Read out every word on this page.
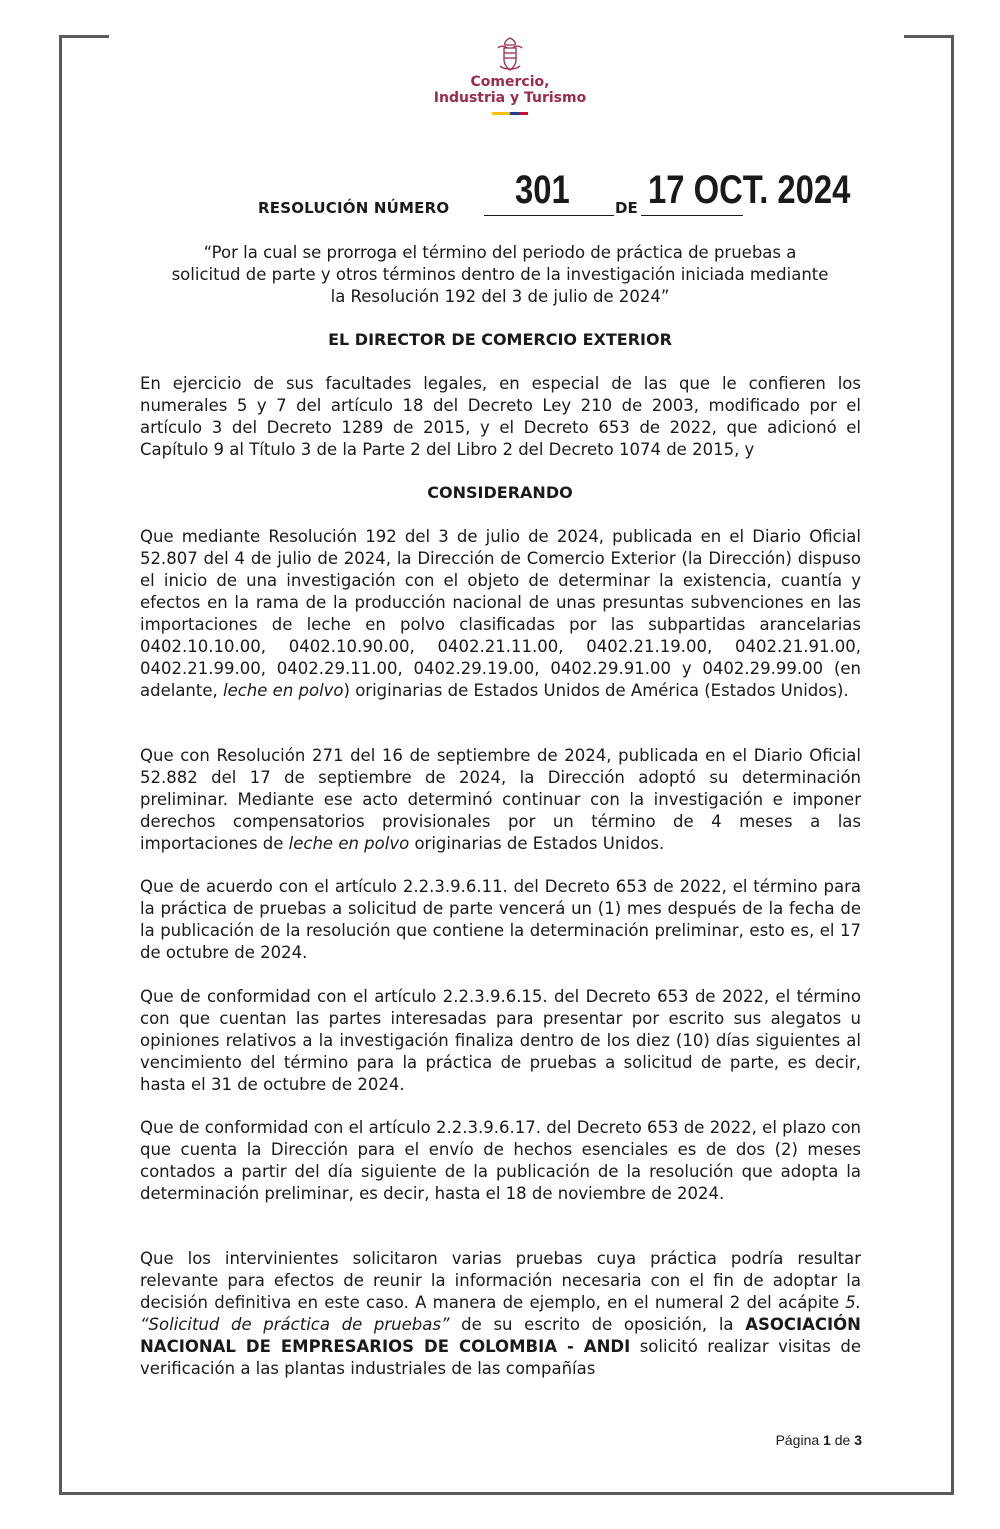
Comercio,
Industria y Turismo
RESOLUCIÓN NÚMERO 301	DE 17 OCT. 2024
“Por la cual se prorroga el término del periodo de práctica de pruebas a
solicitud de parte y otros términos dentro de la investigación iniciada mediante
la Resolución 192 del 3 de julio de 2024”
EL DIRECTOR DE COMERCIO EXTERIOR
En ejercicio de sus facultades legales, en especial de las que le confieren los numerales 5 y 7 del artículo 18 del Decreto Ley 210 de 2003, modificado por el artículo 3 del Decreto 1289 de 2015, y el Decreto 653 de 2022, que adicionó el Capítulo 9 al Título 3 de la Parte 2 del Libro 2 del Decreto 1074 de 2015, y
CONSIDERANDO
Que mediante Resolución 192 del 3 de julio de 2024, publicada en el Diario Oficial 52.807 del 4 de julio de 2024, la Dirección de Comercio Exterior (la Dirección) dispuso el inicio de una investigación con el objeto de determinar la existencia, cuantía y efectos en la rama de la producción nacional de unas presuntas subvenciones en las importaciones de leche en polvo clasificadas por las subpartidas arancelarias 0402.10.10.00, 0402.10.90.00, 0402.21.11.00, 0402.21.19.00, 0402.21.91.00, 0402.21.99.00, 0402.29.11.00, 0402.29.19.00, 0402.29.91.00 y 0402.29.99.00 (en adelante, leche en polvo) originarias de Estados Unidos de América (Estados Unidos).
Que con Resolución 271 del 16 de septiembre de 2024, publicada en el Diario Oficial 52.882 del 17 de septiembre de 2024, la Dirección adoptó su determinación preliminar. Mediante ese acto determinó continuar con la investigación e imponer derechos compensatorios provisionales por un término de 4 meses a las importaciones de leche en polvo originarias de Estados Unidos.
Que de acuerdo con el artículo 2.2.3.9.6.11. del Decreto 653 de 2022, el término para la práctica de pruebas a solicitud de parte vencerá un (1) mes después de la fecha de la publicación de la resolución que contiene la determinación preliminar, esto es, el 17 de octubre de 2024.
Que de conformidad con el artículo 2.2.3.9.6.15. del Decreto 653 de 2022, el término con que cuentan las partes interesadas para presentar por escrito sus alegatos u opiniones relativos a la investigación finaliza dentro de los diez (10) días siguientes al vencimiento del término para la práctica de pruebas a solicitud de parte, es decir, hasta el 31 de octubre de 2024.
Que de conformidad con el artículo 2.2.3.9.6.17. del Decreto 653 de 2022, el plazo con que cuenta la Dirección para el envío de hechos esenciales es de dos (2) meses contados a partir del día siguiente de la publicación de la resolución que adopta la determinación preliminar, es decir, hasta el 18 de noviembre de 2024.
Que los intervinientes solicitaron varias pruebas cuya práctica podría resultar relevante para efectos de reunir la información necesaria con el fin de adoptar la decisión definitiva en este caso. A manera de ejemplo, en el numeral 2 del acápite 5. “Solicitud de práctica de pruebas” de su escrito de oposición, la ASOCIACIÓN NACIONAL DE EMPRESARIOS DE COLOMBIA - ANDI solicitó realizar visitas de verificación a las plantas industriales de las compañías
Página 1 de 3
